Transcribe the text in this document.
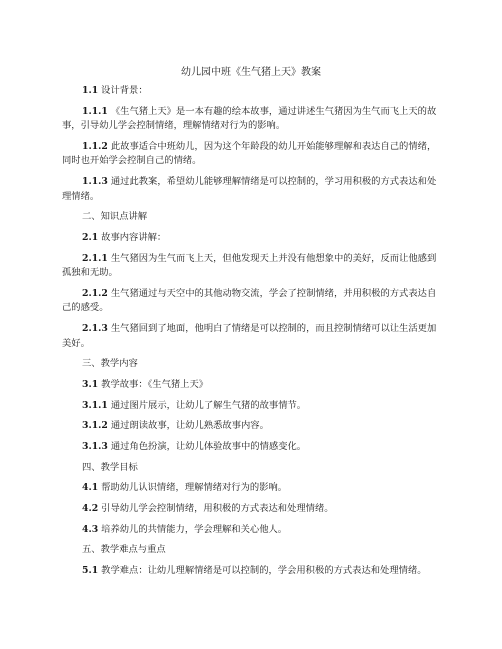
幼儿园中班《生气猪上天》教案

1.1 设计背景：

1.1.1 《生气猪上天》是一本有趣的绘本故事，通过讲述生气猪因为生气而飞上天的故事，引导幼儿学会控制情绪，理解情绪对行为的影响。

1.1.2 此故事适合中班幼儿，因为这个年龄段的幼儿开始能够理解和表达自己的情绪，同时也开始学会控制自己的情绪。

1.1.3 通过此教案，希望幼儿能够理解情绪是可以控制的，学习用积极的方式表达和处理情绪。

二、知识点讲解

2.1 故事内容讲解：

2.1.1 生气猪因为生气而飞上天，但他发现天上并没有他想象中的美好，反而让他感到孤独和无助。

2.1.2 生气猪通过与天空中的其他动物交流，学会了控制情绪，并用积极的方式表达自己的感受。

2.1.3 生气猪回到了地面，他明白了情绪是可以控制的，而且控制情绪可以让生活更加美好。

三、教学内容

3.1 教学故事：《生气猪上天》

3.1.1 通过图片展示，让幼儿了解生气猪的故事情节。

3.1.2 通过朗读故事，让幼儿熟悉故事内容。

3.1.3 通过角色扮演，让幼儿体验故事中的情感变化。

四、教学目标

4.1 帮助幼儿认识情绪，理解情绪对行为的影响。

4.2 引导幼儿学会控制情绪，用积极的方式表达和处理情绪。

4.3 培养幼儿的共情能力，学会理解和关心他人。

五、教学难点与重点

5.1 教学难点：让幼儿理解情绪是可以控制的，学会用积极的方式表达和处理情绪。
